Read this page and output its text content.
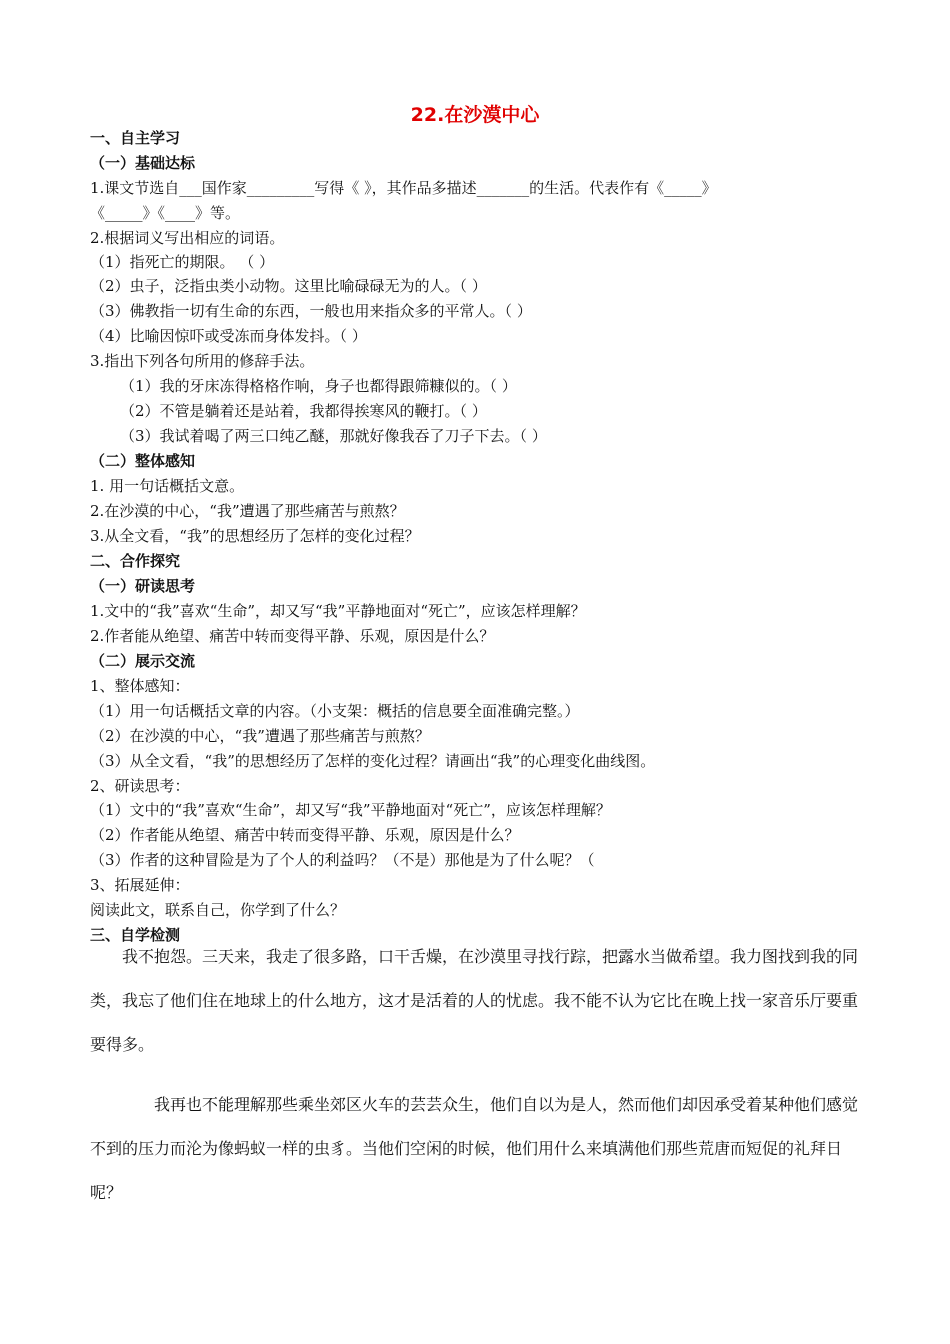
22.在沙漠中心
一、自主学习
（一）基础达标
1.课文节选自___国作家_________写得《 》，其作品多描述_______的生活。代表作有《_____》
《_____》《____》等。
2.根据词义写出相应的词语。
（1）指死亡的期限。 （ ）
（2）虫子，泛指虫类小动物。这里比喻碌碌无为的人。（ ）
（3）佛教指一切有生命的东西，一般也用来指众多的平常人。（ ）
（4）比喻因惊吓或受冻而身体发抖。（ ）
3.指出下列各句所用的修辞手法。
（1）我的牙床冻得格格作响，身子也都得跟筛糠似的。（ ）
（2）不管是躺着还是站着，我都得挨寒风的鞭打。（ ）
（3）我试着喝了两三口纯乙醚，那就好像我吞了刀子下去。（ ）
（二）整体感知
1. 用一句话概括文意。
2.在沙漠的中心，“我”遭遇了那些痛苦与煎熬？
3.从全文看，“我”的思想经历了怎样的变化过程？
二、合作探究
（一）研读思考
1.文中的“我”喜欢“生命”，却又写“我”平静地面对“死亡”，应该怎样理解？
2.作者能从绝望、痛苦中转而变得平静、乐观，原因是什么？
（二）展示交流
1、整体感知：
（1）用一句话概括文章的内容。（小支架：概括的信息要全面准确完整。）
（2）在沙漠的中心，“我”遭遇了那些痛苦与煎熬？
（3）从全文看，“我”的思想经历了怎样的变化过程？请画出“我”的心理变化曲线图。
2、研读思考：
（1）文中的“我”喜欢“生命”，却又写“我”平静地面对“死亡”，应该怎样理解？
（2）作者能从绝望、痛苦中转而变得平静、乐观，原因是什么？
（3）作者的这种冒险是为了个人的利益吗？（不是）那他是为了什么呢？（
3、拓展延伸：
阅读此文，联系自己，你学到了什么？
三、自学检测

我不抱怨。三天来，我走了很多路，口干舌燥，在沙漠里寻找行踪，把露水当做希望。我力图找到我的同类，我忘了他们住在地球上的什么地方，这才是活着的人的忧虑。我不能不认为它比在晚上找一家音乐厅要重要得多。

我再也不能理解那些乘坐郊区火车的芸芸众生，他们自以为是人，然而他们却因承受着某种他们感觉不到的压力而沦为像蚂蚁一样的虫豸。当他们空闲的时候，他们用什么来填满他们那些荒唐而短促的礼拜日呢？
